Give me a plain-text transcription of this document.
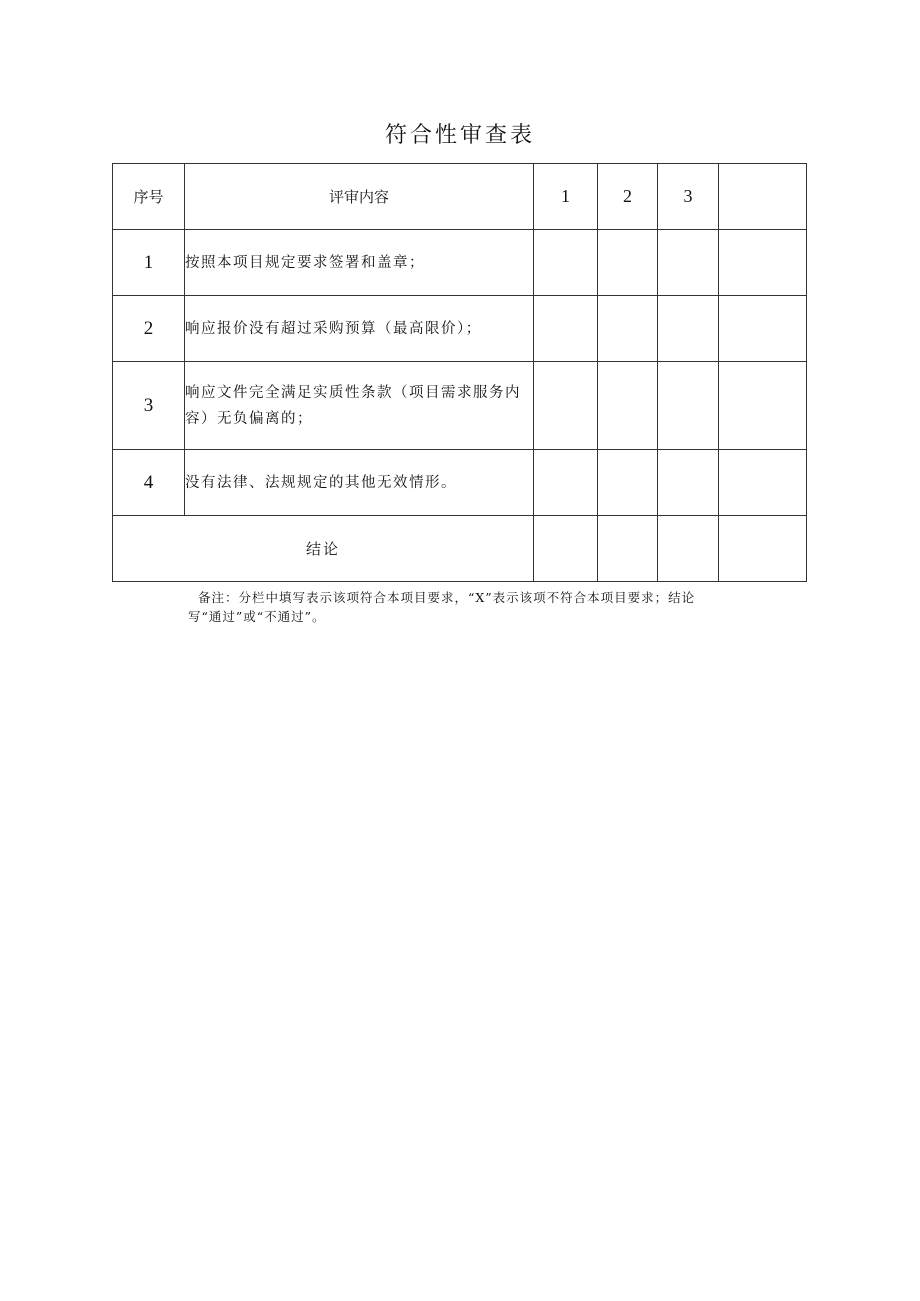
符合性审查表
序号	评审内容	1	2	3	
1	按照本项目规定要求签署和盖章；				
2	响应报价没有超过采购预算（最高限价）；				
3	响应文件完全满足实质性条款（项目需求服务内容）无负偏离的；				
4	没有法律、法规规定的其他无效情形。				
结论					
备注：分栏中填写表示该项符合本项目要求，“X”表示该项不符合本项目要求；结论写“通过”或“不通过”。
